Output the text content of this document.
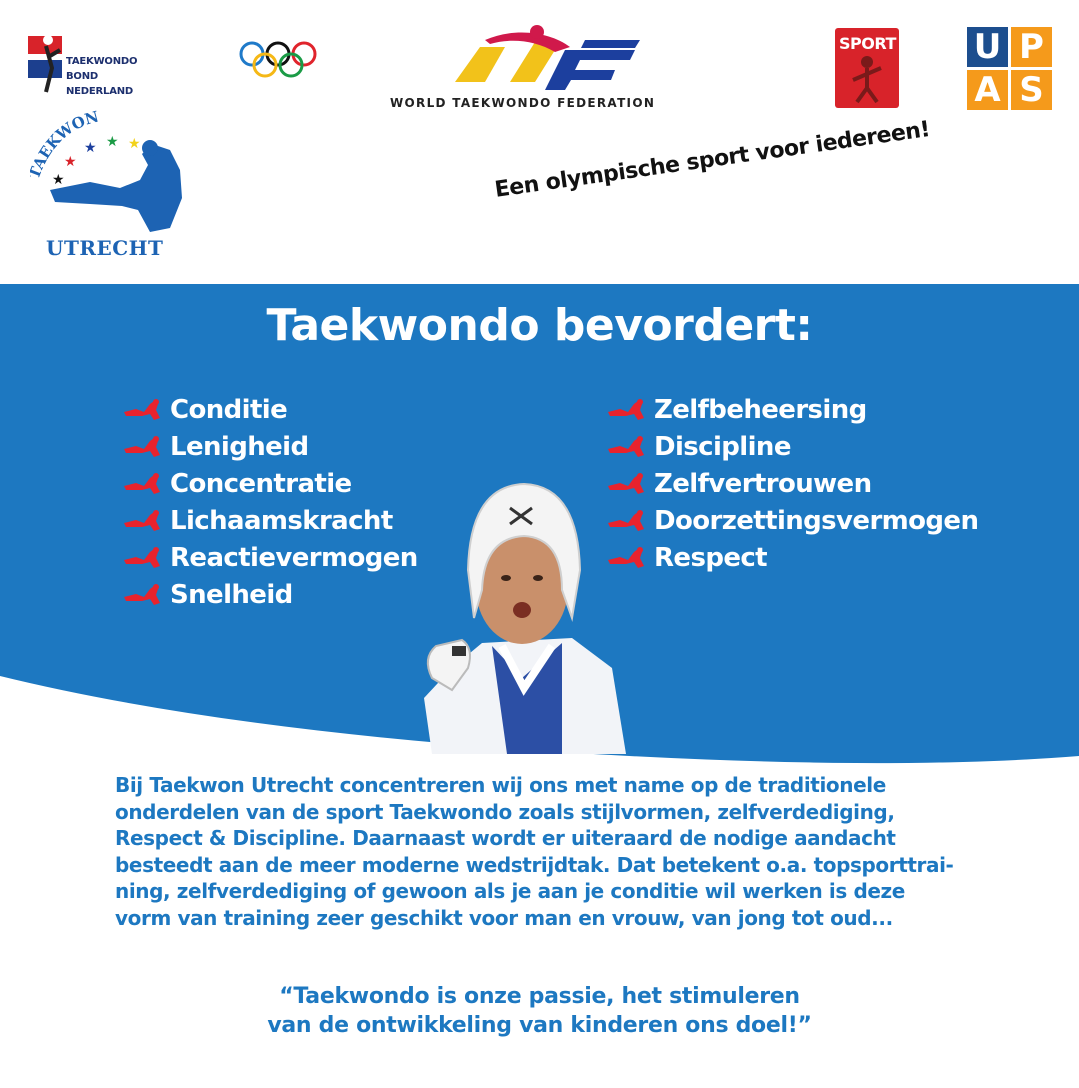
TAEKWONDO
BOND
NEDERLAND
WORLD TAEKWONDO FEDERATION
SPORT U P
A S
AEKWON
★
★
★ ★ ★
UTRECHT
Een olympische sport voor iedereen!
Taekwondo bevordert:
Conditie
Lenigheid
Concentratie
Lichaamskracht
Reactievermogen
Snelheid
Zelfbeheersing
Discipline
Zelfvertrouwen
Doorzettingsvermogen
Respect

Bij Taekwon Utrecht concentreren wij ons met name op de traditionele

onderdelen van de sport Taekwondo zoals stijlvormen, zelfverdediging,

Respect & Discipline. Daarnaast wordt er uiteraard de nodige aandacht

besteedt aan de meer moderne wedstrijdtak. Dat betekent o.a. topsporttrai-

ning, zelfverdediging of gewoon als je aan je conditie wil werken is deze

vorm van training zeer geschikt voor man en vrouw, van jong tot oud...

“Taekwondo is onze passie, het stimuleren

van de ontwikkeling van kinderen ons doel!”
